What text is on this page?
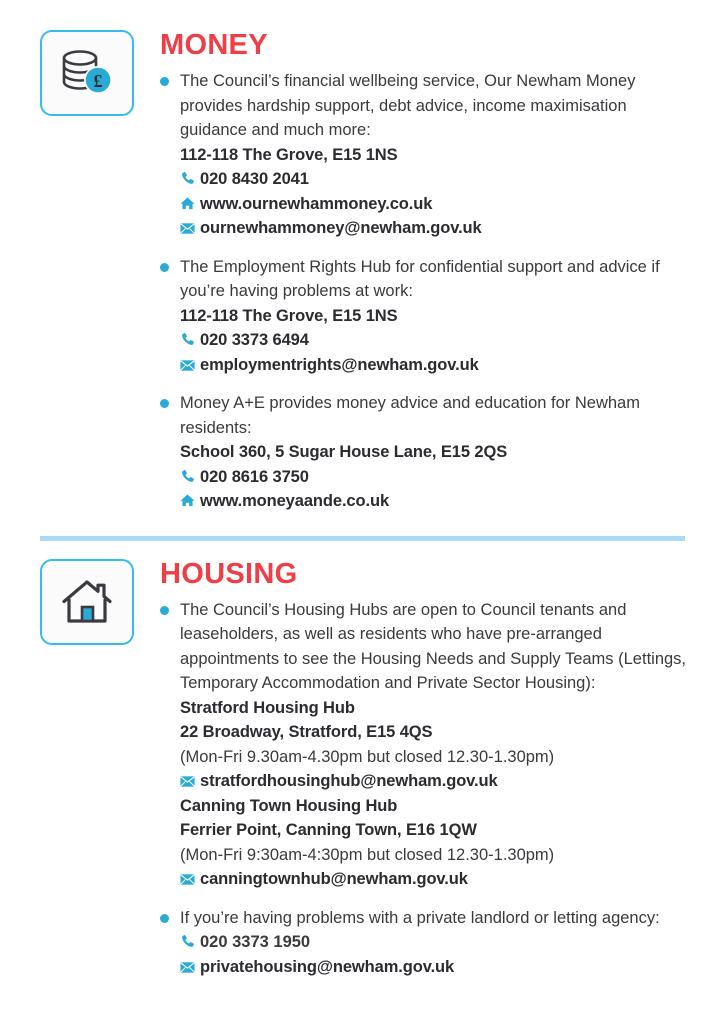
£
MONEY

The Council’s financial wellbeing service, Our Newham Money provides hardship support, debt advice, income maximisation guidance and much more:
112-118 The Grove, E15 1NS
020 8430 2041
www.ournewhammoney.co.uk
ournewhammoney@newham.gov.uk

The Employment Rights Hub for confidential support and advice if you’re having problems at work:
112-118 The Grove, E15 1NS
020 3373 6494
employmentrights@newham.gov.uk

Money A+E provides money advice and education for Newham residents:
School 360, 5 Sugar House Lane, E15 2QS
020 8616 3750
www.moneyaande.co.uk

HOUSING

The Council’s Housing Hubs are open to Council tenants and leaseholders, as well as residents who have pre-arranged appointments to see the Housing Needs and Supply Teams (Lettings, Temporary Accommodation and Private Sector Housing):
Stratford Housing Hub
22 Broadway, Stratford, E15 4QS
(Mon-Fri 9.30am-4.30pm but closed 12.30-1.30pm)
stratfordhousinghub@newham.gov.uk
Canning Town Housing Hub
Ferrier Point, Canning Town, E16 1QW
(Mon-Fri 9:30am-4:30pm but closed 12.30-1.30pm)
canningtownhub@newham.gov.uk

If you’re having problems with a private landlord or letting agency:
020 3373 1950
privatehousing@newham.gov.uk
